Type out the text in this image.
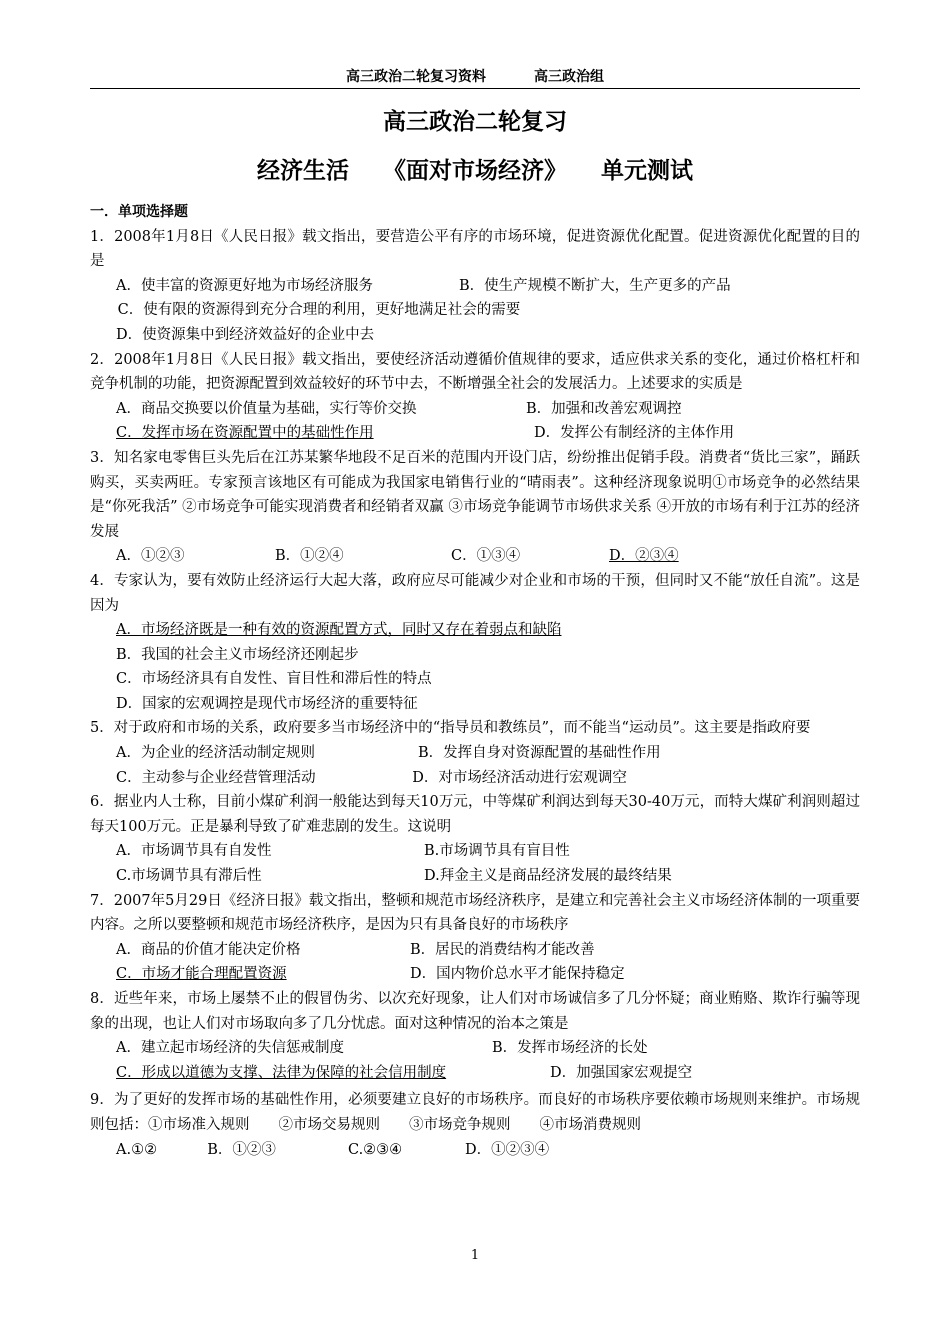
高三政治二轮复习资料	高三政治组
高三政治二轮复习
经济生活 《面对市场经济》 单元测试
一．单项选择题
1．2008年1月8日《人民日报》载文指出，要营造公平有序的市场环境，促进资源优化配置。促进资源优化配置的目的是
A．使丰富的资源更好地为市场经济服务	B．使生产规模不断扩大，生产更多的产品
C．使有限的资源得到充分合理的利用，更好地满足社会的需要
D．使资源集中到经济效益好的企业中去
2．2008年1月8日《人民日报》载文指出，要使经济活动遵循价值规律的要求，适应供求关系的变化，通过价格杠杆和竞争机制的功能，把资源配置到效益较好的环节中去，不断增强全社会的发展活力。上述要求的实质是
A．商品交换要以价值量为基础，实行等价交换	B．加强和改善宏观调控
C．发挥市场在资源配置中的基础性作用	D．发挥公有制经济的主体作用
3．知名家电零售巨头先后在江苏某繁华地段不足百米的范围内开设门店，纷纷推出促销手段。消费者“货比三家”，踊跃购买，买卖两旺。专家预言该地区有可能成为我国家电销售行业的“晴雨表”。这种经济现象说明①市场竞争的必然结果是“你死我活” ②市场竞争可能实现消费者和经销者双赢 ③市场竞争能调节市场供求关系 ④开放的市场有利于江苏的经济发展
A．①②③	B．①②④	C．①③④	D．②③④
4．专家认为，要有效防止经济运行大起大落，政府应尽可能减少对企业和市场的干预，但同时又不能“放任自流”。这是因为
A．市场经济既是一种有效的资源配置方式，同时又存在着弱点和缺陷
B．我国的社会主义市场经济还刚起步
C．市场经济具有自发性、盲目性和滞后性的特点
D．国家的宏观调控是现代市场经济的重要特征
5．对于政府和市场的关系，政府要多当市场经济中的“指导员和教练员”，而不能当“运动员”。这主要是指政府要
A．为企业的经济活动制定规则	B．发挥自身对资源配置的基础性作用
C．主动参与企业经营管理活动	D．对市场经济活动进行宏观调空
6．据业内人士称，目前小煤矿利润一般能达到每天10万元，中等煤矿利润达到每天30-40万元，而特大煤矿利润则超过每天100万元。正是暴利导致了矿难悲剧的发生。这说明
A．市场调节具有自发性	B.市场调节具有盲目性
C.市场调节具有滞后性	D.拜金主义是商品经济发展的最终结果
7．2007年5月29日《经济日报》载文指出，整顿和规范市场经济秩序，是建立和完善社会主义市场经济体制的一项重要内容。之所以要整顿和规范市场经济秩序，是因为只有具备良好的市场秩序
A．商品的价值才能决定价格	B．居民的消费结构才能改善
C．市场才能合理配置资源	D．国内物价总水平才能保持稳定
8．近些年来，市场上屡禁不止的假冒伪劣、以次充好现象，让人们对市场诚信多了几分怀疑；商业贿赂、欺诈行骗等现象的出现，也让人们对市场取向多了几分忧虑。面对这种情况的治本之策是
A．建立起市场经济的失信惩戒制度	B．发挥市场经济的长处
C．形成以道德为支撑、法律为保障的社会信用制度	D．加强国家宏观提空
9．为了更好的发挥市场的基础性作用，必须要建立良好的市场秩序。而良好的市场秩序要依赖市场规则来维护。市场规则包括：①市场准入规则　　②市场交易规则　　③市场竞争规则　　④市场消费规则
A.①②	B．①②③	C.②③④	D．①②③④
1
